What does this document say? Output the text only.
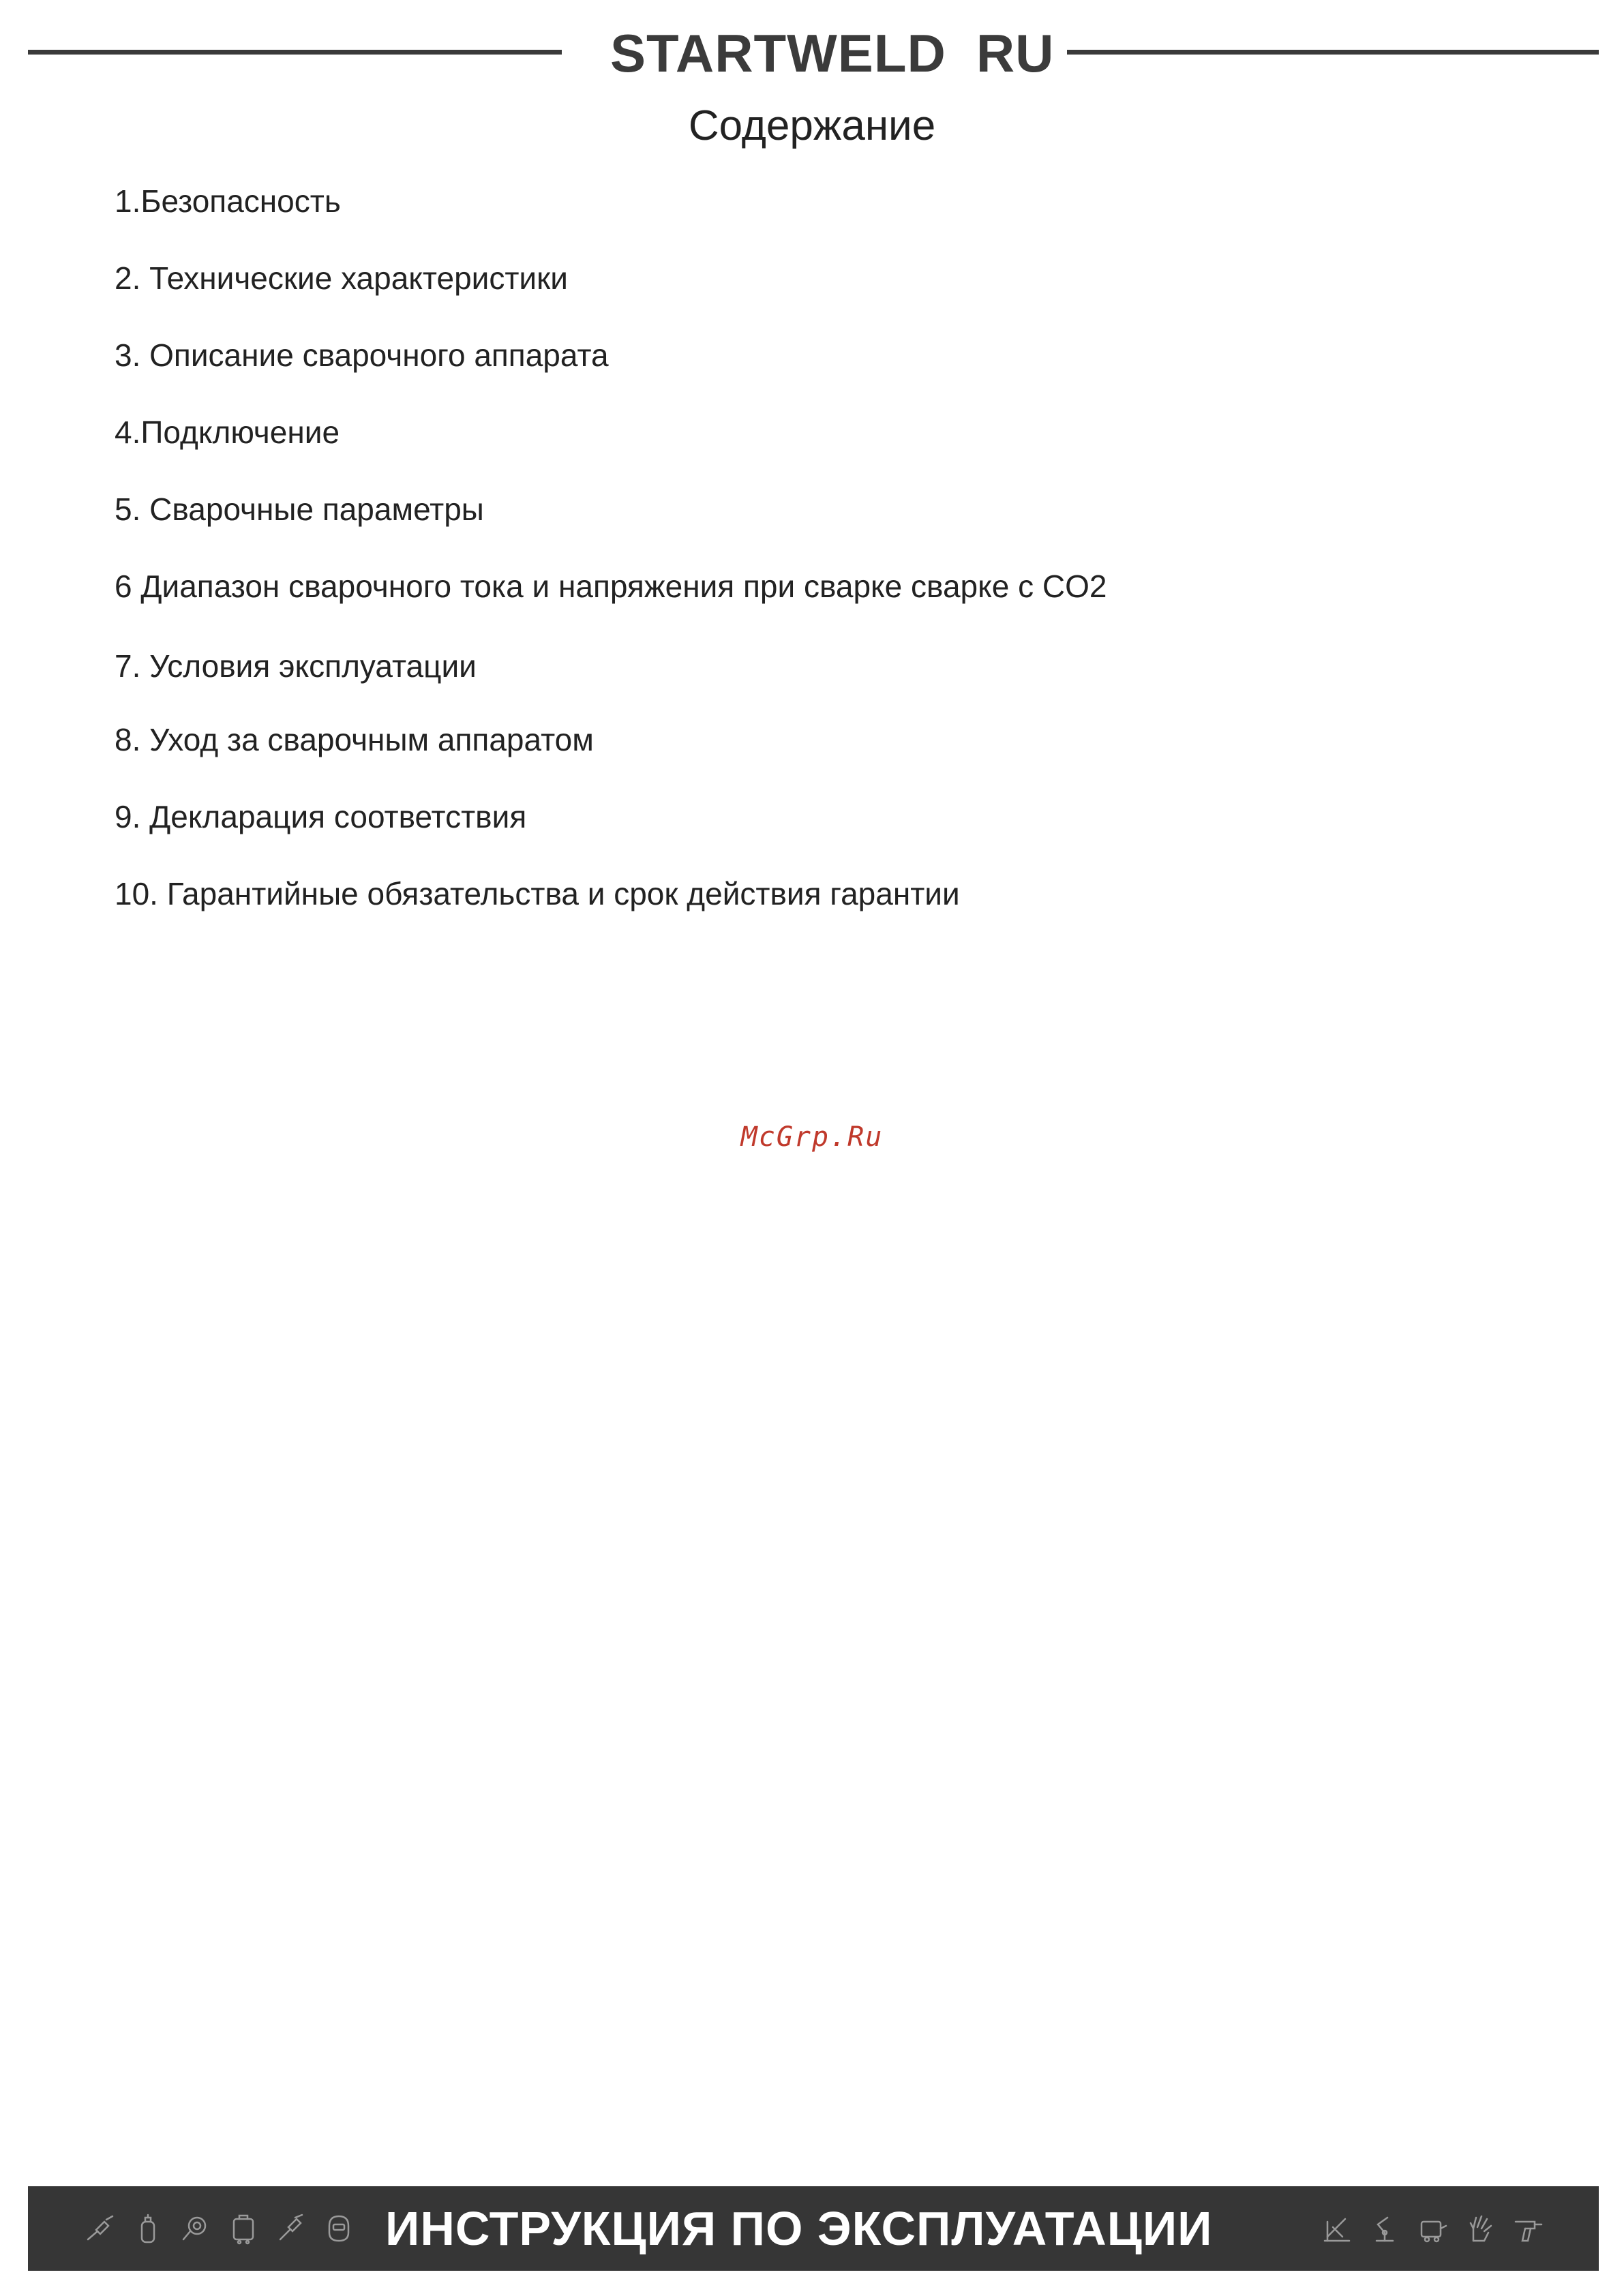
STARTWELD RU
Содержание
1.Безопасность
2. Технические характеристики
3. Описание сварочного аппарата
4.Подключение
5. Сварочные параметры
6 Диапазон сварочного тока и напряжения при сварке сварке с CO2
7. Условия эксплуатации
8. Уход за сварочным аппаратом
9. Декларация соответствия
10. Гарантийные обязательства и срок действия гарантии
McGrp.Ru
ИНСТРУКЦИЯ ПО ЭКСПЛУАТАЦИИ
